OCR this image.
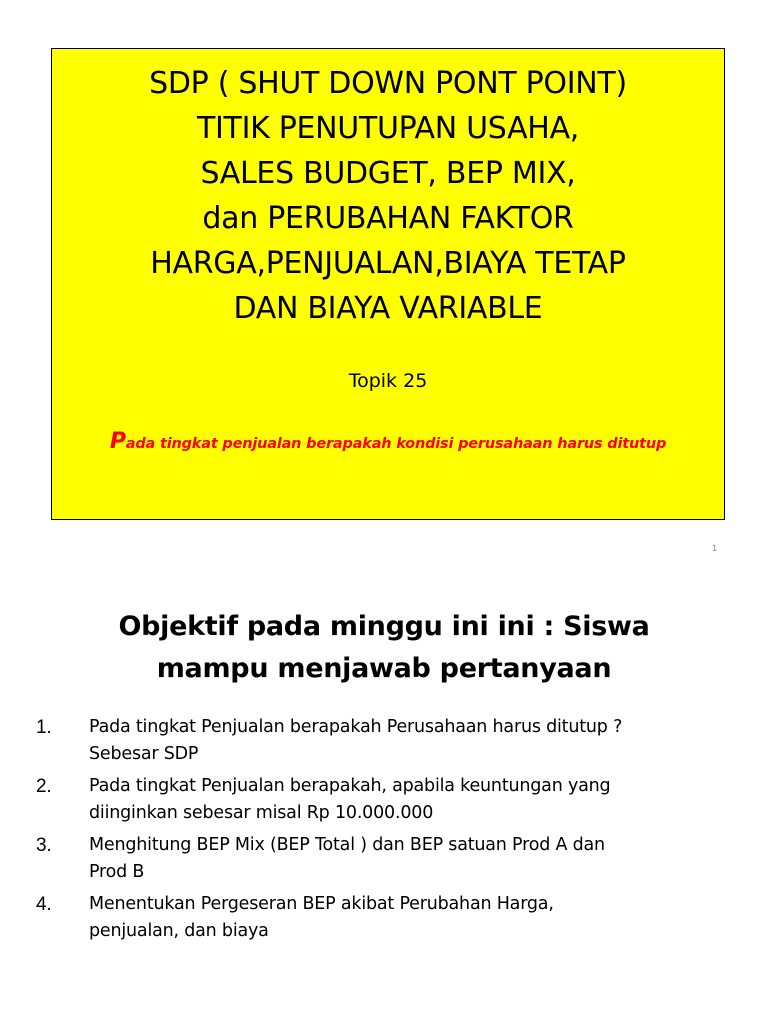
SDP ( SHUT DOWN PONT POINT)
TITIK PENUTUPAN USAHA,
SALES BUDGET, BEP MIX,
dan PERUBAHAN FAKTOR
HARGA,PENJUALAN,BIAYA TETAP
DAN BIAYA VARIABLE
Topik 25
Pada tingkat penjualan berapakah kondisi perusahaan harus ditutup
1
Objektif pada minggu ini ini : Siswa
mampu menjawab pertanyaan
1. Pada tingkat Penjualan berapakah Perusahaan harus ditutup ?
Sebesar SDP
2. Pada tingkat Penjualan berapakah, apabila keuntungan yang
diinginkan sebesar misal Rp 10.000.000
3. Menghitung BEP Mix (BEP Total ) dan BEP satuan Prod A dan
Prod B
4. Menentukan Pergeseran BEP akibat Perubahan Harga,
penjualan, dan biaya
